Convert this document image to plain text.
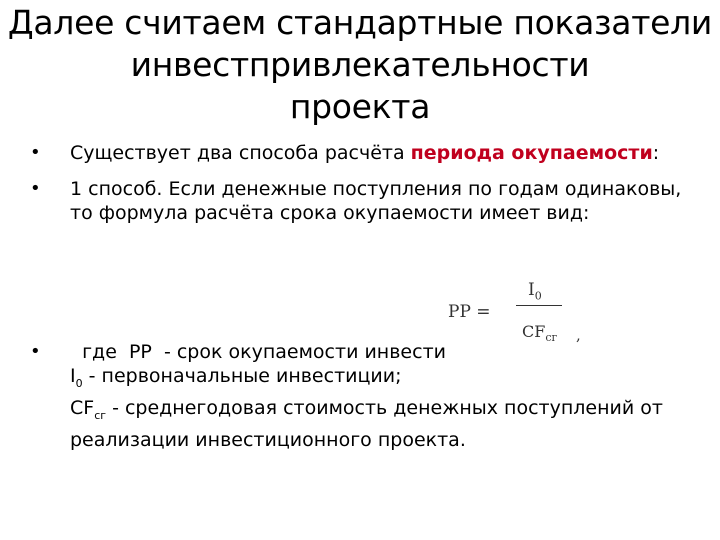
Далее считаем стандартные показатели
инвестпривлекательности
проекта
• Существует два способа расчёта периода окупаемости:
• 1 способ. Если денежные поступления по годам одинаковы, то формула расчёта срока окупаемости имеет вид:
• где  РР  - срок окупаемости инвести
$I_0$ - первоначальные инвестиции;
$CF_{сг}$ - среднегодовая стоимость денежных поступлений от реализации инвестиционного проекта.
PP =
$I_0$
$CF_{сг}$ ,
